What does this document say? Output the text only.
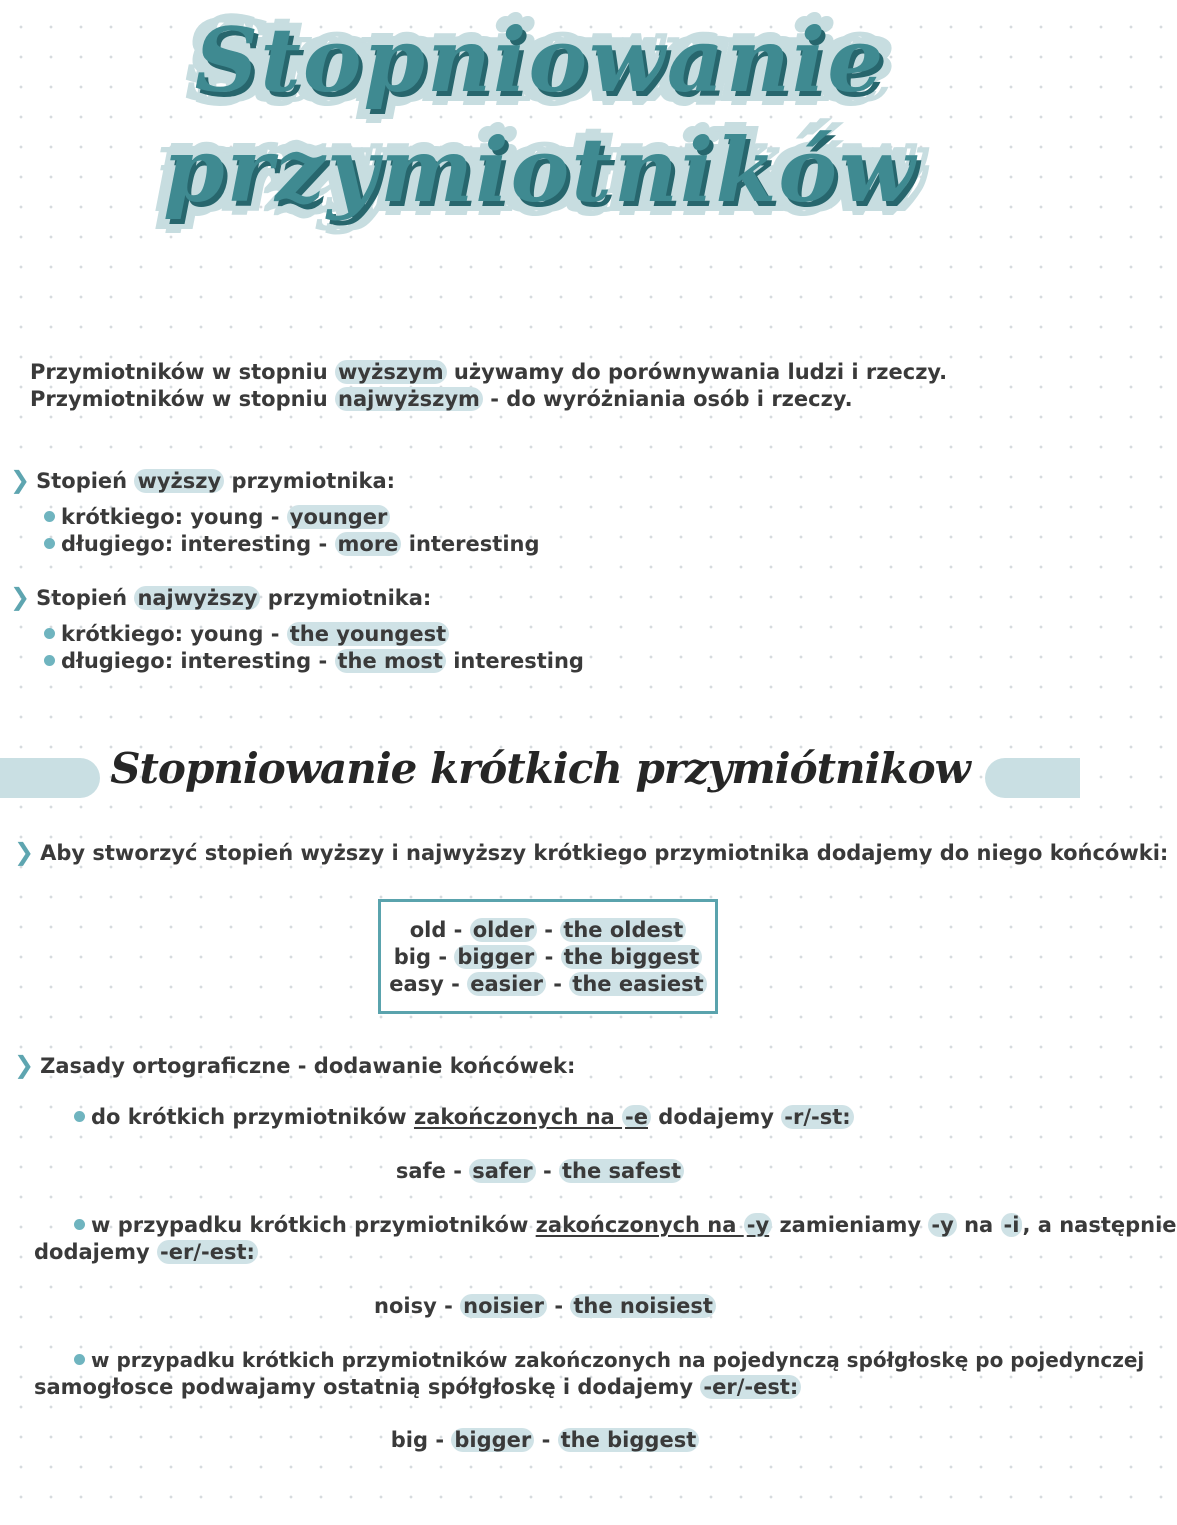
Stopniowanie
przymiotników
Przymiotników w stopniu wyższym używamy do porównywania ludzi i rzeczy.
Przymiotników w stopniu najwyższym - do wyróżniania osób i rzeczy.
❯ Stopień wyższy przymiotnika:
krótkiego: young - younger
długiego: interesting - more interesting
❯ Stopień najwyższy przymiotnika:
krótkiego: young - the youngest
długiego: interesting - the most interesting
Stopniowanie krótkich przymiótnikow
❯ Aby stworzyć stopień wyższy i najwyższy krótkiego przymiotnika dodajemy do niego końcówki:
old - older - the oldest
big - bigger - the biggest
easy - easier - the easiest
❯ Zasady ortograficzne - dodawanie końcówek:
do krótkich przymiotników zakończonych na -e dodajemy -r/-st:
safe - safer - the safest
w przypadku krótkich przymiotników zakończonych na -y zamieniamy -y na -i , a następnie
dodajemy -er/-est:
noisy - noisier - the noisiest
w przypadku krótkich przymiotników zakończonych na pojedynczą spółgłoskę po pojedynczej
samogłosce podwajamy ostatnią spółgłoskę i dodajemy -er/-est:
big - bigger - the biggest
